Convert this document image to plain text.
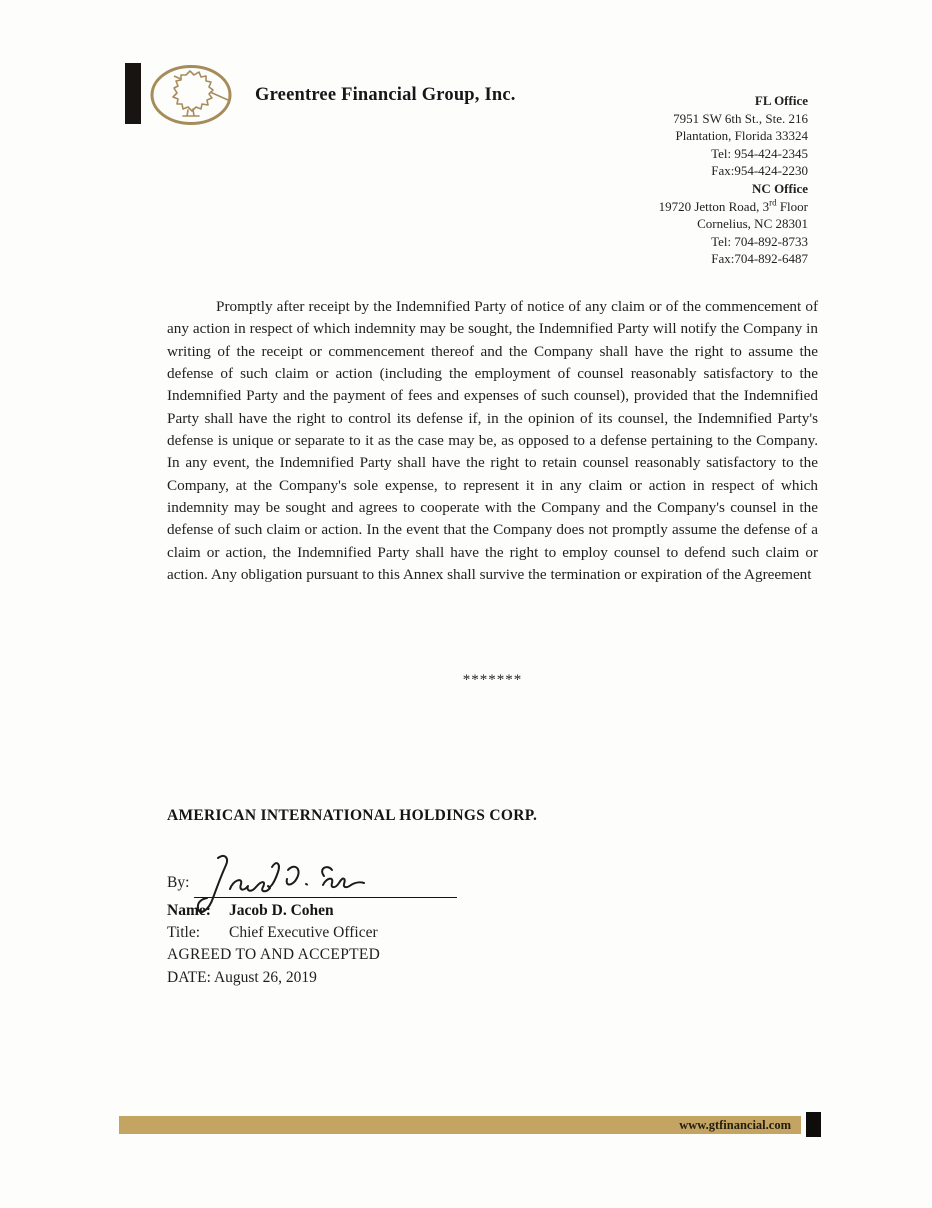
Greentree Financial Group, Inc.	FL Office
7951 SW 6th St., Ste. 216
Plantation, Florida 33324
Tel: 954-424-2345
Fax:954-424-2230
NC Office
19720 Jetton Road, 3rd Floor
Cornelius, NC 28301
Tel: 704-892-8733
Fax:704-892-6487
Promptly after receipt by the Indemnified Party of notice of any claim or of the commencement of any action in respect of which indemnity may be sought, the Indemnified Party will notify the Company in writing of the receipt or commencement thereof and the Company shall have the right to assume the defense of such claim or action (including the employment of counsel reasonably satisfactory to the Indemnified Party and the payment of fees and expenses of such counsel), provided that the Indemnified Party shall have the right to control its defense if, in the opinion of its counsel, the Indemnified Party's defense is unique or separate to it as the case may be, as opposed to a defense pertaining to the Company. In any event, the Indemnified Party shall have the right to retain counsel reasonably satisfactory to the Company, at the Company's sole expense, to represent it in any claim or action in respect of which indemnity may be sought and agrees to cooperate with the Company and the Company's counsel in the defense of such claim or action. In the event that the Company does not promptly assume the defense of a claim or action, the Indemnified Party shall have the right to employ counsel to defend such claim or action. Any obligation pursuant to this Annex shall survive the termination or expiration of the Agreement
*******
AMERICAN INTERNATIONAL HOLDINGS CORP.
By:
Name: Jacob D. Cohen
Title: Chief Executive Officer
AGREED TO AND ACCEPTED
DATE: August 26, 2019
www.gtfinancial.com
